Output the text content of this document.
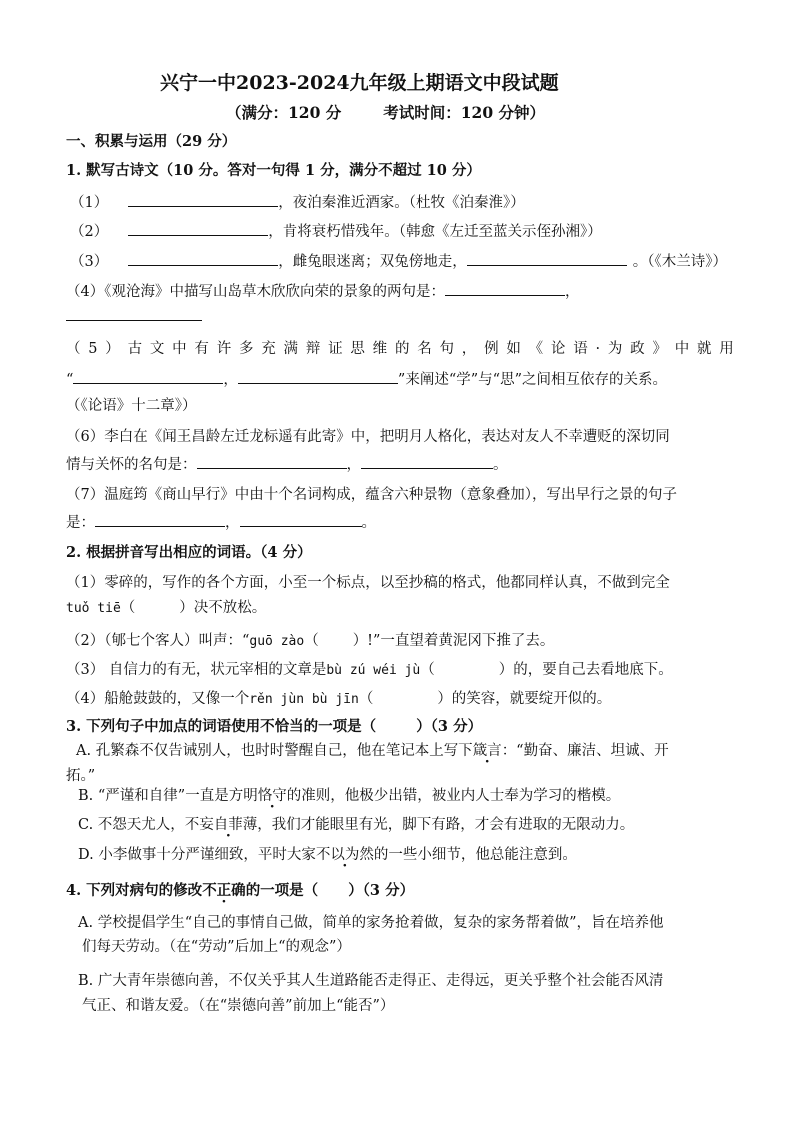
兴宁一中2023-2024九年级上期语文中段试题
（满分：120 分	考试时间：120 分钟）
一、积累与运用（29 分）
1. 默写古诗文（10 分。答对一句得 1 分，满分不超过 10 分）
（1）	，夜泊秦淮近酒家。（杜牧《泊秦淮》）
（2）	，肯将衰朽惜残年。（韩愈《左迁至蓝关示侄孙湘》）
（3）	，雌兔眼迷离；双兔傍地走，	。（《木兰诗》）
（4）《观沧海》中描写山岛草木欣欣向荣的景象的两句是：	，
（ 5 ） 古 文 中 有 许 多 充 满 辩 证 思 维 的 名 句 ， 例 如 《 论 语 · 为 政 》 中 就 用
“	，	”来阐述“学”与“思”之间相互依存的关系。
（《论语》十二章》）
（6）李白在《闻王昌龄左迁龙标遥有此寄》中，把明月人格化，表达对友人不幸遭贬的深切同
情与关怀的名句是：	，	。
（7）温庭筠《商山早行》中由十个名词构成，蕴含六种景物（意象叠加），写出早行之景的句子
是：	，	。
2. 根据拼音写出相应的词语。（4 分）
（1）零碎的，写作的各个方面，小至一个标点，以至抄稿的格式，他都同样认真，不做到完全
tuǒ tiē（	）决不放松。
（2）（郇七个客人）叫声：“guō zào（ ）!”一直望着黄泥冈下推了去。
（3） 自信力的有无，状元宰相的文章是bù zú wéi jù（	）的，要自己去看地底下。
（4）船舱鼓鼓的，又像一个rěn jùn bù jīn（	）的笑容，就要绽开似的。
3. 下列句子中加点的词语使用不恰当的一项是（	）（3 分）
A. 孔繁森不仅告诫别人，也时时警醒自己，他在笔记本上写下箴言：“勤奋、廉洁、坦诚、开
拓。”
B. “严谨和自律”一直是方明恪守的准则，他极少出错，被业内人士奉为学习的楷模。
C. 不怨天尤人，不妄自菲薄，我们才能眼里有光，脚下有路，才会有进取的无限动力。
D. 小李做事十分严谨细致，平时大家不以为然的一些小细节，他总能注意到。
4. 下列对病句的修改不正确的一项是（ ）（3 分）
A. 学校提倡学生“自己的事情自己做，简单的家务抢着做，复杂的家务帮着做”，旨在培养他
们每天劳动。（在“劳动”后加上“的观念”）
B. 广大青年崇德向善，不仅关乎其人生道路能否走得正、走得远，更关乎整个社会能否风清
气正、和谐友爱。（在“崇德向善”前加上“能否”）
